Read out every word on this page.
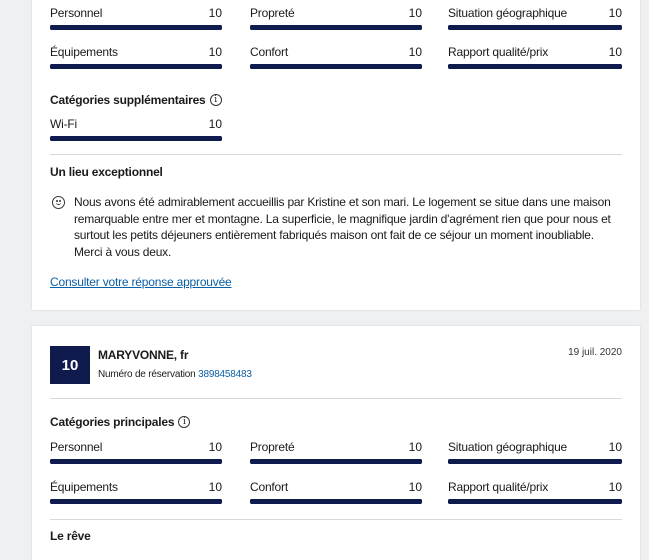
Personnel	10 Propreté	10 Situation géographique	10
Équipements	10 Confort	10 Rapport qualité/prix	10
Catégories supplémentaires i
Wi-Fi	10
Un lieu exceptionnel
Nous avons été admirablement accueillis par Kristine et son mari. Le logement se situe dans une maison remarquable entre mer et montagne. La superficie, le magnifique jardin d'agrément rien que pour nous et surtout les petits déjeuners entièrement fabriqués maison ont fait de ce séjour un moment inoubliable. Merci à vous deux.
Consulter votre réponse approuvée
10
MARYVONNE, fr
Numéro de réservation 3898458483
19 juil. 2020
Catégories principales i
Personnel	10 Propreté	10 Situation géographique	10
Équipements	10 Confort	10 Rapport qualité/prix	10
Le rêve
